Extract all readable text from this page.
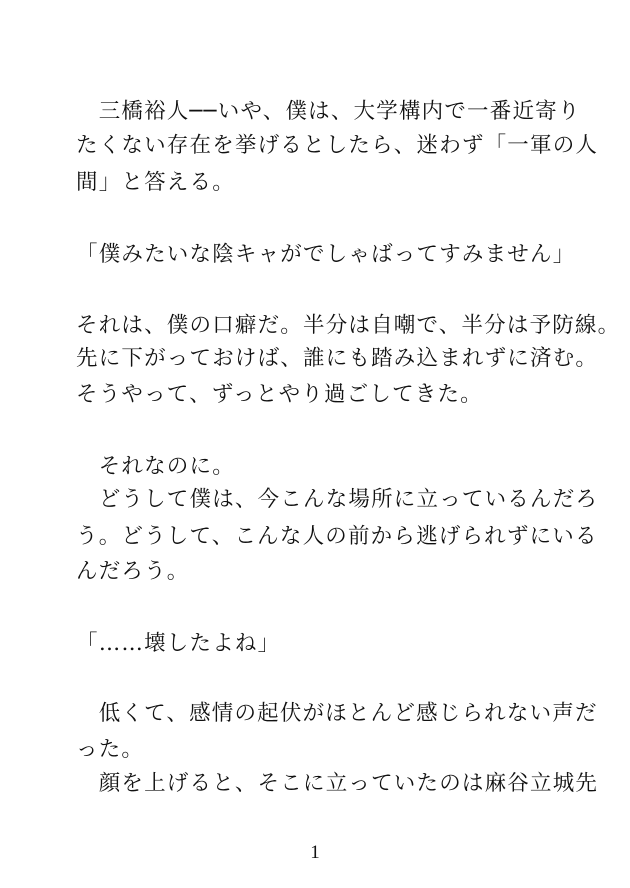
　三橋裕人──いや、僕は、大学構内で一番近寄り
たくない存在を挙げるとしたら、迷わず「一軍の人
間」と答える。
「僕みたいな陰キャがでしゃばってすみません」
それは、僕の口癖だ。半分は自嘲で、半分は予防線。
先に下がっておけば、誰にも踏み込まれずに済む。
そうやって、ずっとやり過ごしてきた。
　それなのに。
　どうして僕は、今こんな場所に立っているんだろ
う。どうして、こんな人の前から逃げられずにいる
んだろう。
「……壊したよね」
　低くて、感情の起伏がほとんど感じられない声だ
った。
　顔を上げると、そこに立っていたのは麻谷立城先
1
